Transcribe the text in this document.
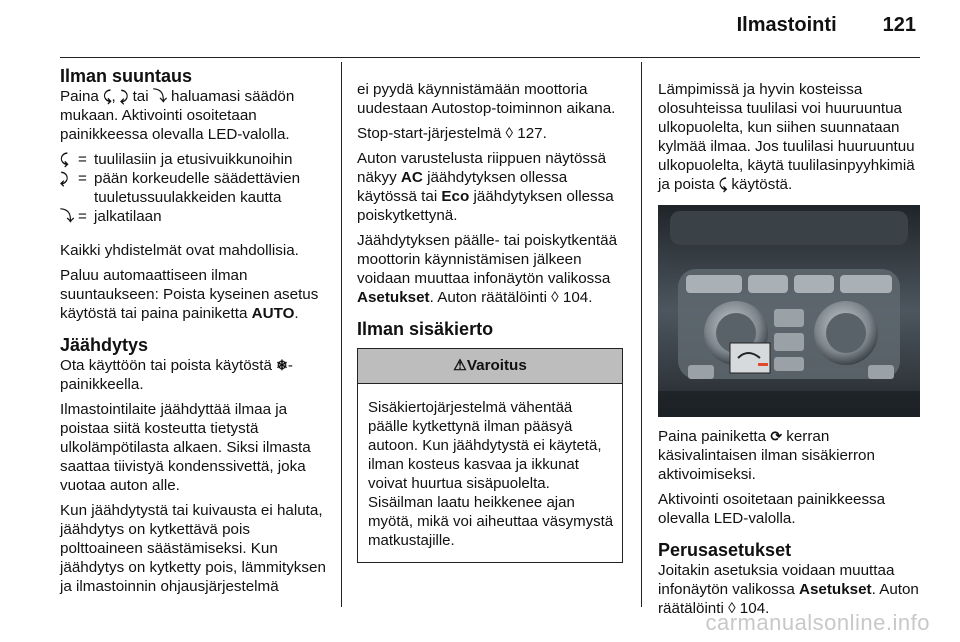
Ilmastointi 121
Ilman suuntaus

Paina ⤹, ⤸ tai ⤵ haluamasi säädön mukaan. Aktivointi osoitetaan painikkeessa olevalla LED-valolla.

⤹ = tuulilasiin ja etusivuikkunoihin
⤸ = pään korkeudelle säädettävien tuuletussuulakkeiden kautta
⤵ = jalkatilaan

Kaikki yhdistelmät ovat mahdollisia.

Paluu automaattiseen ilman suuntaukseen: Poista kyseinen asetus käytöstä tai paina painiketta AUTO.

Jäähdytys

Ota käyttöön tai poista käytöstä ❄-painikkeella.

Ilmastointilaite jäähdyttää ilmaa ja poistaa siitä kosteutta tietystä ulkolämpötilasta alkaen. Siksi ilmasta saattaa tiivistyä kondenssivettä, joka vuotaa auton alle.

Kun jäähdytystä tai kuivausta ei haluta, jäähdytys on kytkettävä pois polttoaineen säästämiseksi. Kun jäähdytys on kytketty pois, lämmityksen ja ilmastoinnin ohjausjärjestelmä

ei pyydä käynnistämään moottoria uudestaan Autostop-toiminnon aikana.

Stop-start-järjestelmä ◊ 127.

Auton varustelusta riippuen näytössä näkyy AC jäähdytyksen ollessa käytössä tai Eco jäähdytyksen ollessa poiskytkettynä.

Jäähdytyksen päälle- tai poiskytkentää moottorin käynnistämisen jälkeen voidaan muuttaa infonäytön valikossa Asetukset. Auton räätälöinti ◊ 104.

Ilman sisäkierto
⚠Varoitus
Sisäkiertojärjestelmä vähentää päälle kytkettynä ilman pääsyä autoon. Kun jäähdytystä ei käytetä, ilman kosteus kasvaa ja ikkunat voivat huurtua sisäpuolelta. Sisäilman laatu heikkenee ajan myötä, mikä voi aiheuttaa väsymystä matkustajille.

Lämpimissä ja hyvin kosteissa olosuhteissa tuulilasi voi huuruuntua ulkopuolelta, kun siihen suunnataan kylmää ilmaa. Jos tuulilasi huuruuntuu ulkopuolelta, käytä tuulilasinpyyhkimiä ja poista ⤹ käytöstä.

Paina painiketta ⟳ kerran käsivalintaisen ilman sisäkierron aktivoimiseksi.

Aktivointi osoitetaan painikkeessa olevalla LED-valolla.

Perusasetukset

Joitakin asetuksia voidaan muuttaa infonäytön valikossa Asetukset. Auton räätälöinti ◊ 104.

carmanualsonline.info
